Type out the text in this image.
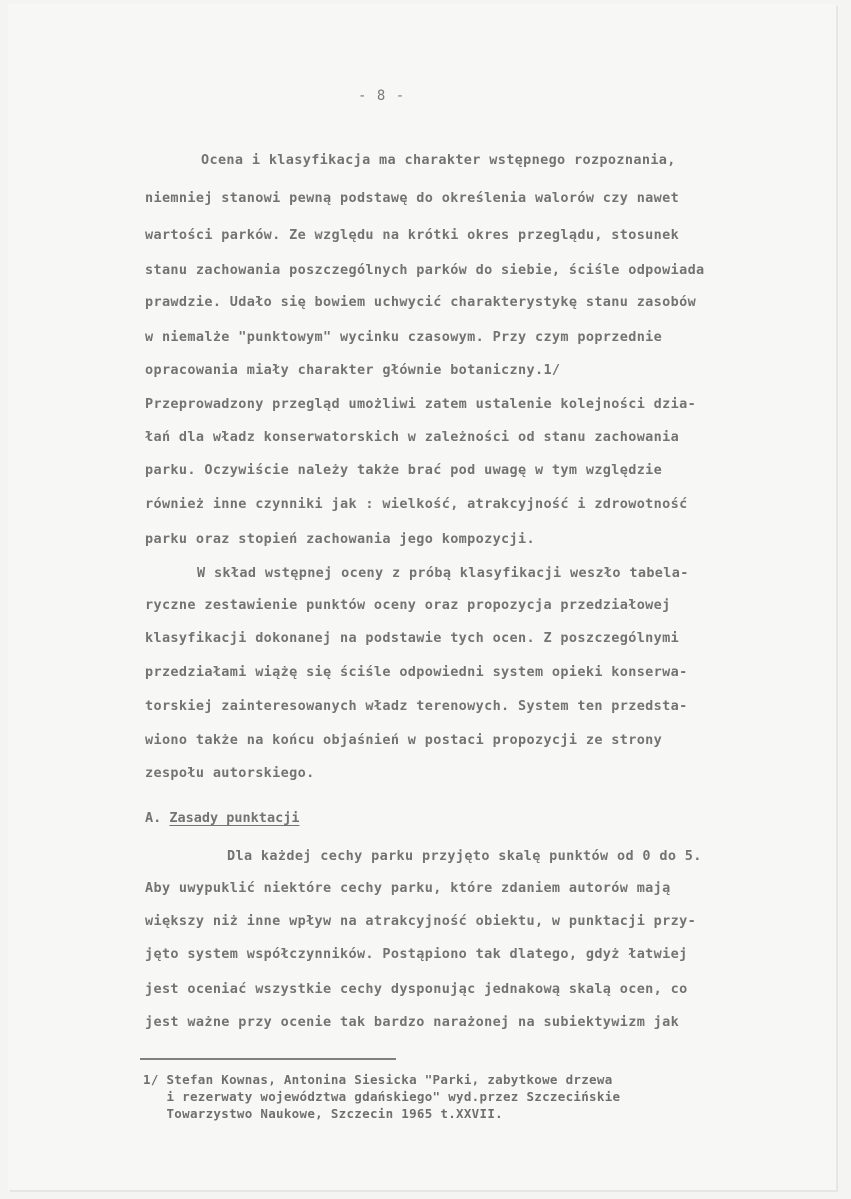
- 8 -
Ocena i klasyfikacja ma charakter wstępnego rozpoznania,
niemniej stanowi pewną podstawę do określenia walorów czy nawet
wartości parków. Ze względu na krótki okres przeglądu, stosunek
stanu zachowania poszczególnych parków do siebie, ściśle odpowiada
prawdzie. Udało się bowiem uchwycić charakterystykę stanu zasobów
w niemalże "punktowym" wycinku czasowym. Przy czym poprzednie
opracowania miały charakter głównie botaniczny.1/
Przeprowadzony przegląd umożliwi zatem ustalenie kolejności dzia-
łań dla władz konserwatorskich w zależności od stanu zachowania
parku. Oczywiście należy także brać pod uwagę w tym względzie
również inne czynniki jak : wielkość, atrakcyjność i zdrowotność
parku oraz stopień zachowania jego kompozycji.
W skład wstępnej oceny z próbą klasyfikacji weszło tabela-
ryczne zestawienie punktów oceny oraz propozycja przedziałowej
klasyfikacji dokonanej na podstawie tych ocen. Z poszczególnymi
przedziałami wiążę się ściśle odpowiedni system opieki konserwa-
torskiej zainteresowanych władz terenowych. System ten przedsta-
wiono także na końcu objaśnień w postaci propozycji ze strony
zespołu autorskiego.
A. Zasady punktacji
Dla każdej cechy parku przyjęto skalę punktów od 0 do 5.
Aby uwypuklić niektóre cechy parku, które zdaniem autorów mają
większy niż inne wpływ na atrakcyjność obiektu, w punktacji przy-
jęto system współczynników. Postąpiono tak dlatego, gdyż łatwiej
jest oceniać wszystkie cechy dysponując jednakową skalą ocen, co
jest ważne przy ocenie tak bardzo narażonej na subiektywizm jak
1/ Stefan Kownas, Antonina Siesicka "Parki, zabytkowe drzewa
i rezerwaty województwa gdańskiego" wyd.przez Szczecińskie
Towarzystwo Naukowe, Szczecin 1965 t.XXVII.
